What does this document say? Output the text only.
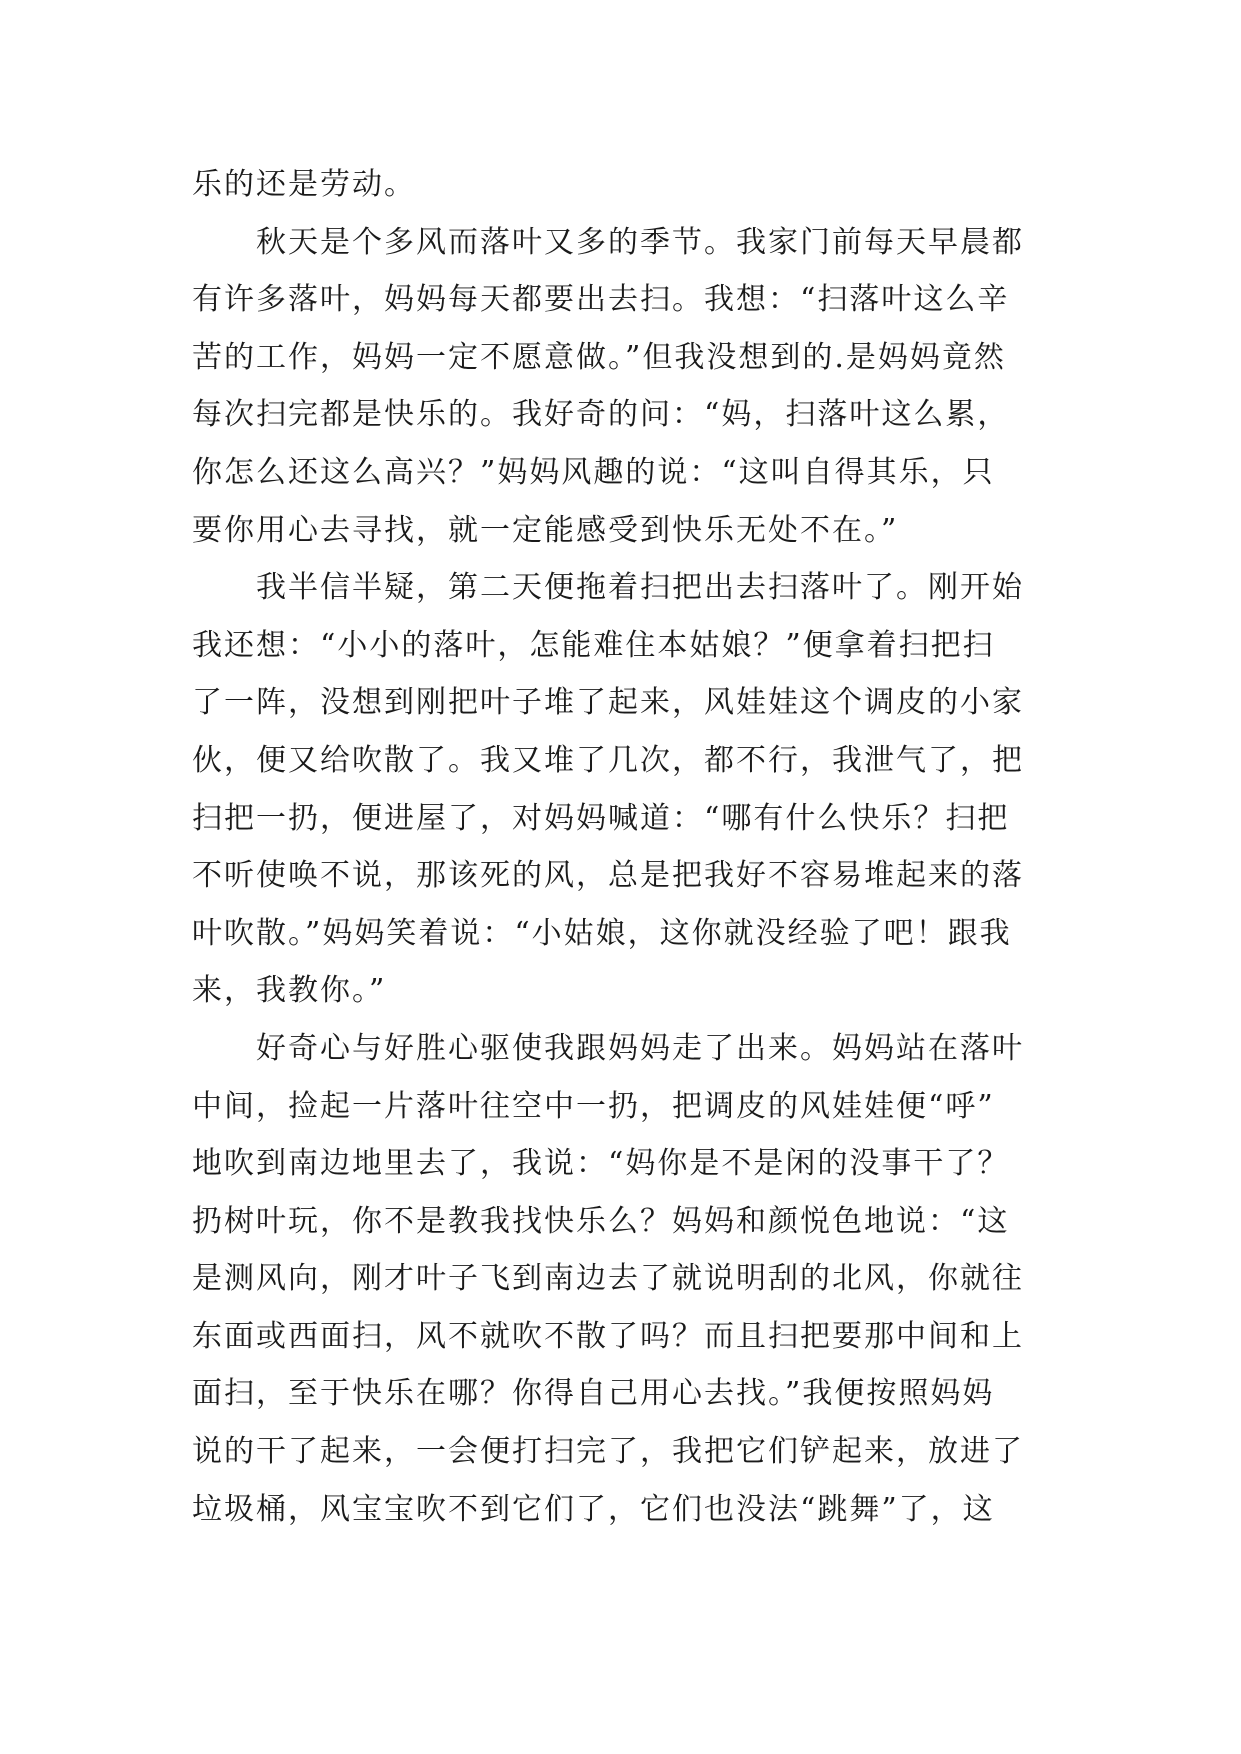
乐的还是劳动。
秋天是个多风而落叶又多的季节。我家门前每天早晨都
有许多落叶，妈妈每天都要出去扫。我想：“扫落叶这么辛
苦的工作，妈妈一定不愿意做。”但我没想到的.是妈妈竟然
每次扫完都是快乐的。我好奇的问：“妈，扫落叶这么累，
你怎么还这么高兴？”妈妈风趣的说：“这叫自得其乐，只
要你用心去寻找，就一定能感受到快乐无处不在。”
我半信半疑，第二天便拖着扫把出去扫落叶了。刚开始
我还想：“小小的落叶，怎能难住本姑娘？”便拿着扫把扫
了一阵，没想到刚把叶子堆了起来，风娃娃这个调皮的小家
伙，便又给吹散了。我又堆了几次，都不行，我泄气了，把
扫把一扔，便进屋了，对妈妈喊道：“哪有什么快乐？扫把
不听使唤不说，那该死的风，总是把我好不容易堆起来的落
叶吹散。”妈妈笑着说：“小姑娘，这你就没经验了吧！跟我
来，我教你。”
好奇心与好胜心驱使我跟妈妈走了出来。妈妈站在落叶
中间，捡起一片落叶往空中一扔，把调皮的风娃娃便“呼”
地吹到南边地里去了，我说：“妈你是不是闲的没事干了？
扔树叶玩，你不是教我找快乐么？妈妈和颜悦色地说：“这
是测风向，刚才叶子飞到南边去了就说明刮的北风，你就往
东面或西面扫，风不就吹不散了吗？而且扫把要那中间和上
面扫，至于快乐在哪？你得自己用心去找。”我便按照妈妈
说的干了起来，一会便打扫完了，我把它们铲起来，放进了
垃圾桶，风宝宝吹不到它们了，它们也没法“跳舞”了，这
